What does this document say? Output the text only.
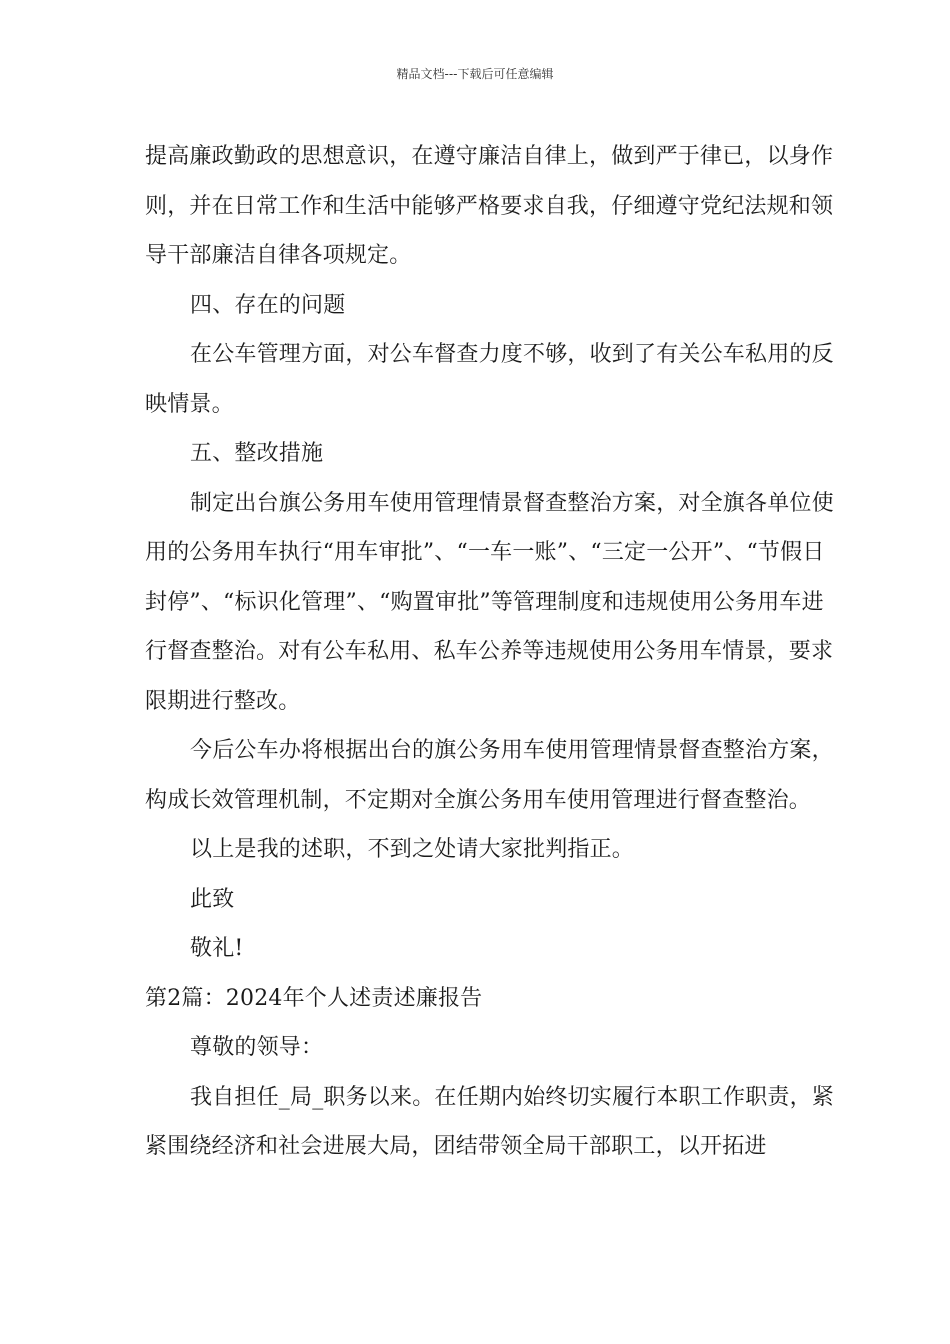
精品文档---下载后可任意编辑

提高廉政勤政的思想意识，在遵守廉洁自律上，做到严于律已，以身作则，并在日常工作和生活中能够严格要求自我，仔细遵守党纪法规和领导干部廉洁自律各项规定。

四、存在的问题

在公车管理方面，对公车督查力度不够，收到了有关公车私用的反映情景。

五、整改措施

制定出台旗公务用车使用管理情景督查整治方案，对全旗各单位使用的公务用车执行“用车审批”、“一车一账”、“三定一公开”、“节假日封停”、“标识化管理”、“购置审批”等管理制度和违规使用公务用车进行督查整治。对有公车私用、私车公养等违规使用公务用车情景，要求限期进行整改。

今后公车办将根据出台的旗公务用车使用管理情景督查整治方案，构成长效管理机制，不定期对全旗公务用车使用管理进行督查整治。

以上是我的述职，不到之处请大家批判指正。

此致

敬礼!

第2篇：2024年个人述责述廉报告

尊敬的领导：

我自担任_局_职务以来。在任期内始终切实履行本职工作职责，紧紧围绕经济和社会进展大局，团结带领全局干部职工，以开拓进
